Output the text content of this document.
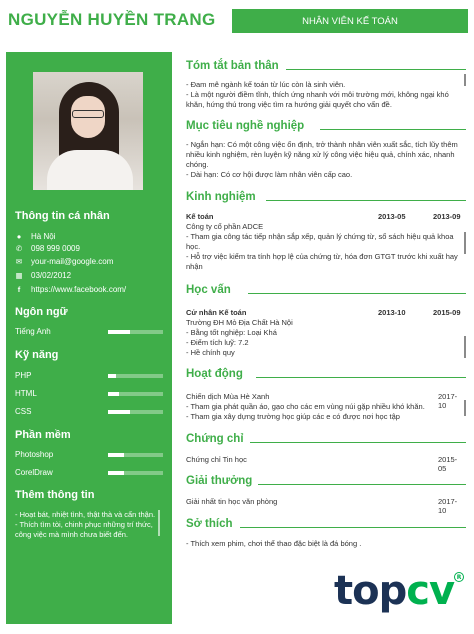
NGUYỄN HUYỀN TRANG	NHÂN VIÊN KẾ TOÁN
Thông tin cá nhân
● Hà Nội
✆ 098 999 0009
✉ your-mail@google.com
▦ 03/02/2012
f	https://www.facebook.com/
Ngôn ngữ
Tiếng Anh
Kỹ năng
PHP
HTML
CSS
Phần mềm
Photoshop
CorelDraw
Thêm thông tin
- Hoạt bát, nhiệt tình, thật thà và cẩn thận.
- Thích tìm tòi, chinh phục những trí thức,
công việc mà mình chưa biết đến.
Tóm tắt bản thân
- Đam mê ngành kế toán từ lúc còn là sinh viên.
- Là một người điềm tĩnh, thích ứng nhanh với môi trường mới, không ngại khó
khăn, hứng thú trong việc tìm ra hướng giải quyết cho vấn đề.
Mục tiêu nghề nghiệp
- Ngắn hạn: Có một công việc ổn định, trở thành nhân viên xuất sắc, tích lũy thêm
nhiều kinh nghiệm, rèn luyện kỹ năng xử lý công việc hiệu quả, chính xác, nhanh
chóng.
- Dài hạn: Có cơ hội được làm nhân viên cấp cao.
Kinh nghiệm
Kế toán	2013-05	2013-09
Công ty cổ phần ADCE
- Tham gia công tác tiếp nhận sắp xếp, quản lý chứng từ, sổ sách hiệu quả khoa
học.
- Hỗ trợ việc kiểm tra tính hợp lệ của chứng từ, hóa đơn GTGT trước khi xuất hay
nhận
Học vấn
Cử nhân Kế toán	2013-10	2015-09
Trường ĐH Mỏ Địa Chất Hà Nội
- Bằng tốt nghiệp: Loại Khá
- Điểm tích luỹ: 7.2
- Hề chính quy
Hoạt động
Chiến dịch Mùa Hè Xanh	2017-10
- Tham gia phát quần áo, gạo cho các em vùng núi gặp nhiều khó khăn.
- Tham gia xây dựng trường học giúp các e có được nơi học tập
Chứng chỉ
Chứng chỉ Tin học	2015-05
Giải thưởng
Giải nhất tin học văn phòng	2017-10
Sở thích
- Thích xem phim, chơi thể thao đặc biệt là đá bóng .
topcv R
